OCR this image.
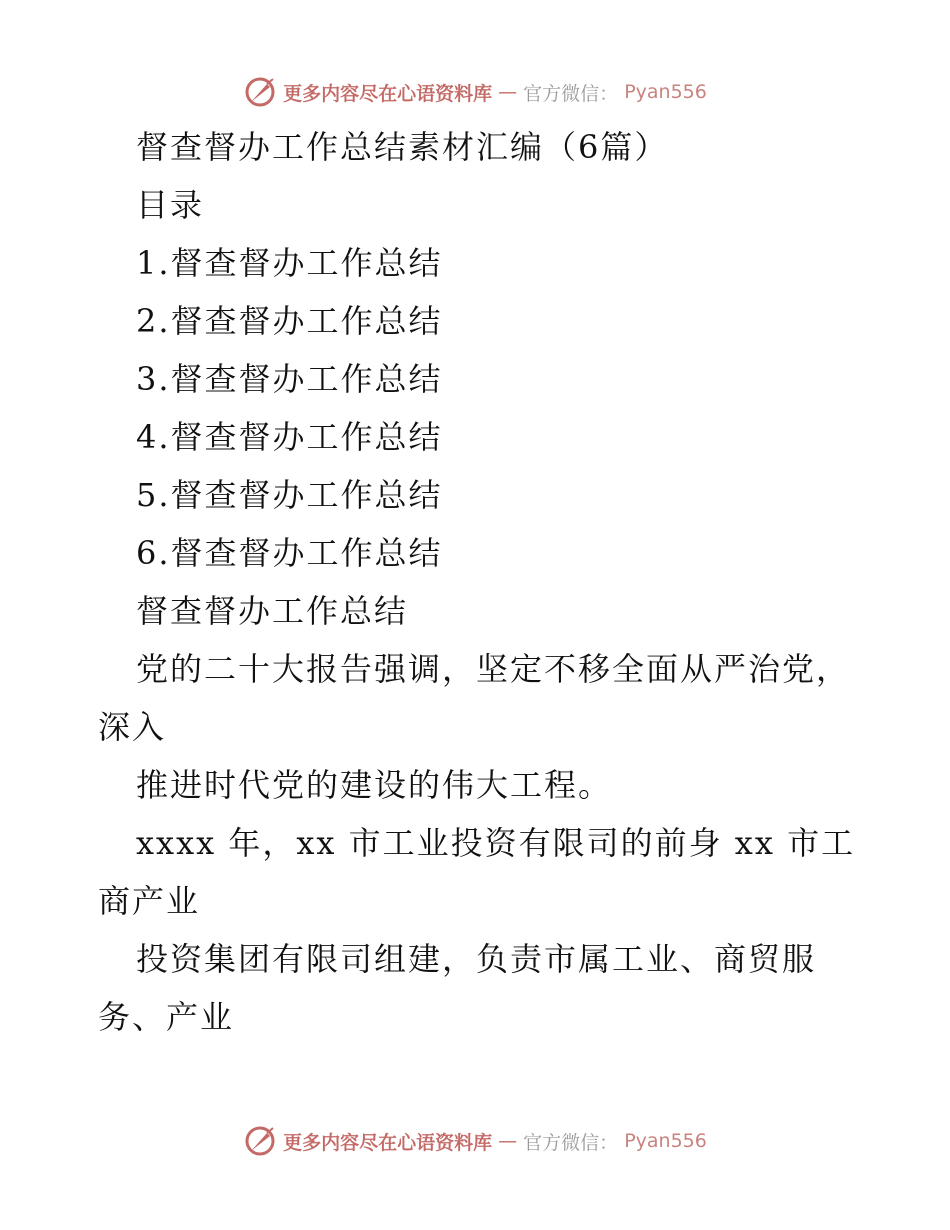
更多内容尽在心语资料库 — 官方微信： Pyan556
督查督办工作总结素材汇编（6篇）
目录
1.督查督办工作总结
2.督查督办工作总结
3.督查督办工作总结
4.督查督办工作总结
5.督查督办工作总结
6.督查督办工作总结
督查督办工作总结
党的二十大报告强调，坚定不移全面从严治党，
深入
推进时代党的建设的伟大工程。
xxxx 年，xx 市工业投资有限司的前身 xx 市工
商产业
投资集团有限司组建，负责市属工业、商贸服
务、产业
更多内容尽在心语资料库 — 官方微信： Pyan556
